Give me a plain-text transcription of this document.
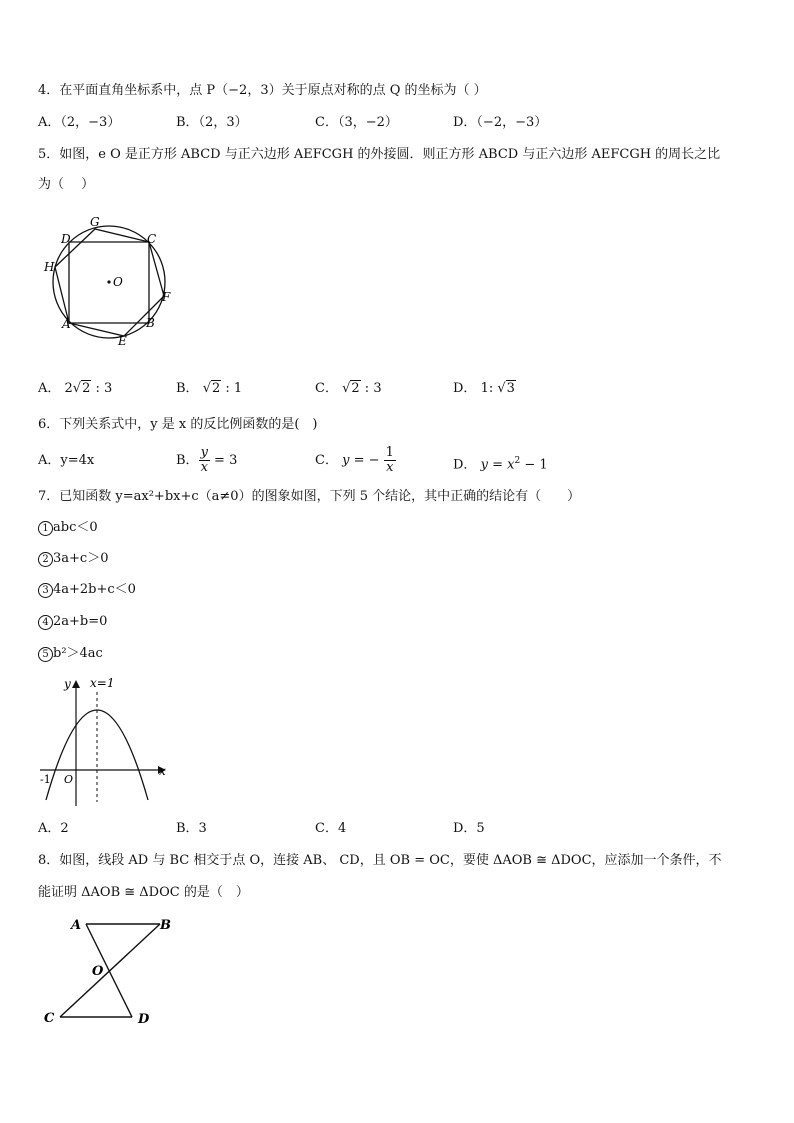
4．在平面直角坐标系中，点 P（−2，3）关于原点对称的点 Q 的坐标为（ ）
A．（2，−3）	B．（2，3）	C．（3，−2）	D．（−2，−3）
5．如图，e O 是正方形 ABCD 与正六边形 AEFCGH 的外接圆．则正方形 ABCD 与正六边形 AEFCGH 的周长之比
为（　 ）
G
D	C
H
O
F
A	B
E
A． 2√2 : 3	B． √2 : 1	C． √2 : 3	D． 1: √3
6．下列关系式中，y 是 x 的反比例函数的是(　)
A．y=4x	B． $\frac{y}{x} = 3$	C． y = − $\frac{1}{x}$	D． $y = x^2 - 1$
7．已知函数 y=ax²+bx+c（a≠0）的图象如图，下列 5 个结论，其中正确的结论有（　　）
1 abc＜0
2 3a+c＞0
3 4a+2b+c＜0
4 2a+b=0
5 b²＞4ac
y x=1
x
-1 O
A．2	B．3	C．4	D．5
8．如图，线段 AD 与 BC 相交于点 O，连接 AB、 CD，且 OB = OC，要使 ΔAOB ≅ ΔDOC，应添加一个条件，不
能证明 ΔAOB ≅ ΔDOC 的是（　）
A	B
O
C	D
